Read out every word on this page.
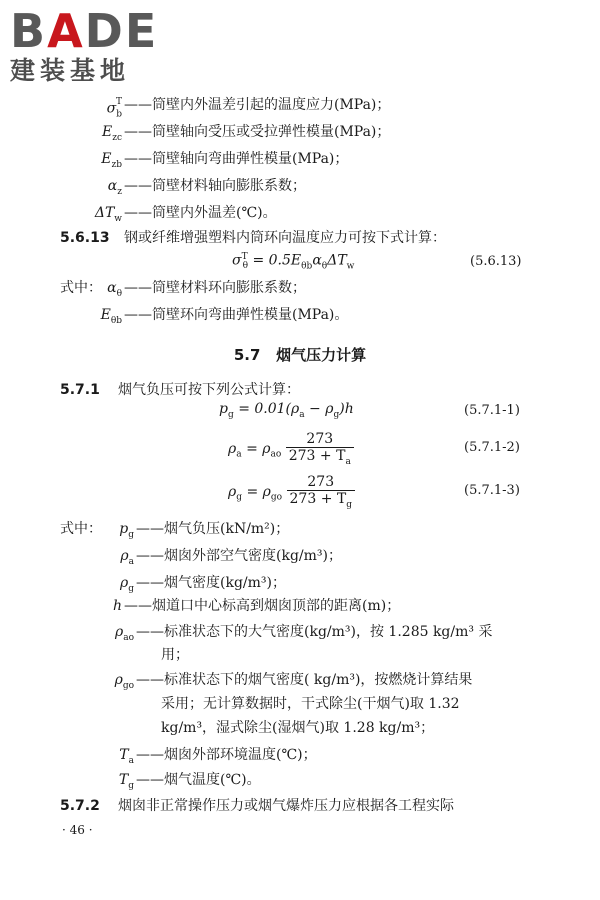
BADE
建装基地
$\sigma_b^T$ ——筒壁内外温差引起的温度应力(MPa)；
$E_{zc}$ ——筒壁轴向受压或受拉弹性模量(MPa)；
$E_{zb}$ ——筒壁轴向弯曲弹性模量(MPa)；
$\alpha_z$ ——筒壁材料轴向膨胀系数；
$\Delta T_w$ ——筒壁内外温差(℃)。
5.6.13 钢或纤维增强塑料内筒环向温度应力可按下式计算：
$\sigma^T_\theta = 0.5E_{\theta b}\alpha_\theta\Delta T_w$	(5.6.13)
式中： $\alpha_\theta$ ——筒壁材料环向膨胀系数；
$E_{\theta b}$ ——筒壁环向弯曲弹性模量(MPa)。
5.7 烟气压力计算
5.7.1 烟气负压可按下列公式计算：
$p_g = 0.01(\rho_a - \rho_g)h$	(5.7.1-1)
$\rho_a = \rho_{ao} \frac{273}{273 + T_a}$	(5.7.1-2)
$\rho_g = \rho_{go} \frac{273}{273 + T_g}$	(5.7.1-3)
式中：	$p_g$ ——烟气负压(kN/m²)；
$\rho_a$ ——烟囱外部空气密度(kg/m³)；
$\rho_g$ ——烟气密度(kg/m³)；
h ——烟道口中心标高到烟囱顶部的距离(m)；
$\rho_{ao}$ ——标准状态下的大气密度(kg/m³)，按 1.285 kg/m³ 采
用；
$\rho_{go}$ ——标准状态下的烟气密度( kg/m³)，按燃烧计算结果
采用；无计算数据时，干式除尘(干烟气)取 1.32
kg/m³，湿式除尘(湿烟气)取 1.28 kg/m³；
$T_a$ ——烟囱外部环境温度(℃)；
$T_g$ ——烟气温度(℃)。
5.7.2 烟囱非正常操作压力或烟气爆炸压力应根据各工程实际
· 46 ·
